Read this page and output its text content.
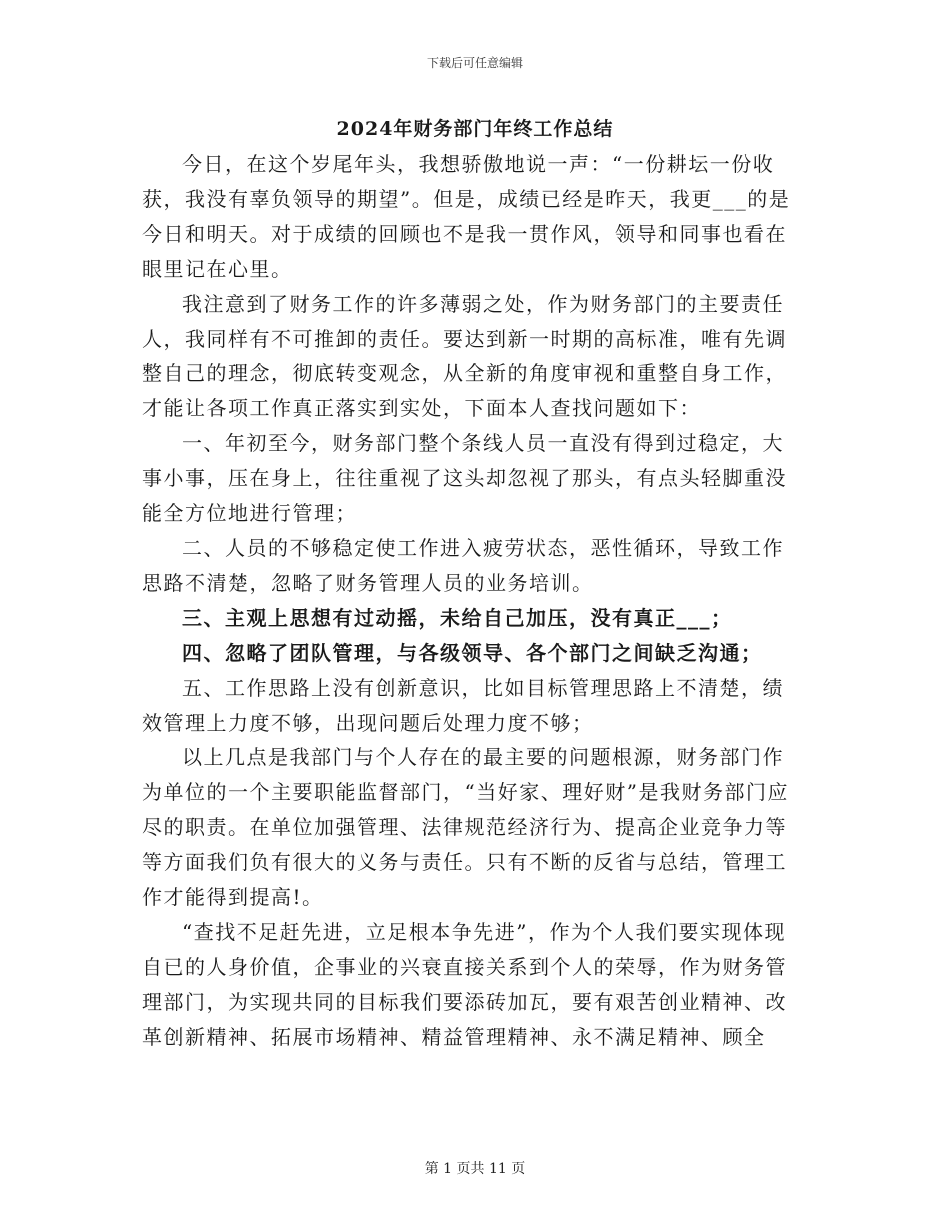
下载后可任意编辑
2024年财务部门年终工作总结

今日，在这个岁尾年头，我想骄傲地说一声：“一份耕坛一份收获，我没有辜负领导的期望”。但是，成绩已经是昨天，我更___的是今日和明天。对于成绩的回顾也不是我一贯作风，领导和同事也看在眼里记在心里。

我注意到了财务工作的许多薄弱之处，作为财务部门的主要责任人，我同样有不可推卸的责任。要达到新一时期的高标准，唯有先调整自己的理念，彻底转变观念，从全新的角度审视和重整自身工作，才能让各项工作真正落实到实处，下面本人查找问题如下：

一、年初至今，财务部门整个条线人员一直没有得到过稳定，大事小事，压在身上，往往重视了这头却忽视了那头，有点头轻脚重没能全方位地进行管理；

二、人员的不够稳定使工作进入疲劳状态，恶性循环，导致工作思路不清楚，忽略了财务管理人员的业务培训。

三、主观上思想有过动摇，未给自己加压，没有真正___；

四、忽略了团队管理，与各级领导、各个部门之间缺乏沟通；

五、工作思路上没有创新意识，比如目标管理思路上不清楚，绩效管理上力度不够，出现问题后处理力度不够；

以上几点是我部门与个人存在的最主要的问题根源，财务部门作为单位的一个主要职能监督部门，“当好家、理好财”是我财务部门应尽的职责。在单位加强管理、法律规范经济行为、提高企业竞争力等等方面我们负有很大的义务与责任。只有不断的反省与总结，管理工作才能得到提高!。

“查找不足赶先进，立足根本争先进”，作为个人我们要实现体现自已的人身价值，企事业的兴衰直接关系到个人的荣辱，作为财务管理部门，为实现共同的目标我们要添砖加瓦，要有艰苦创业精神、改革创新精神、拓展市场精神、精益管理精神、永不满足精神、顾全

第 1 页共 11 页
